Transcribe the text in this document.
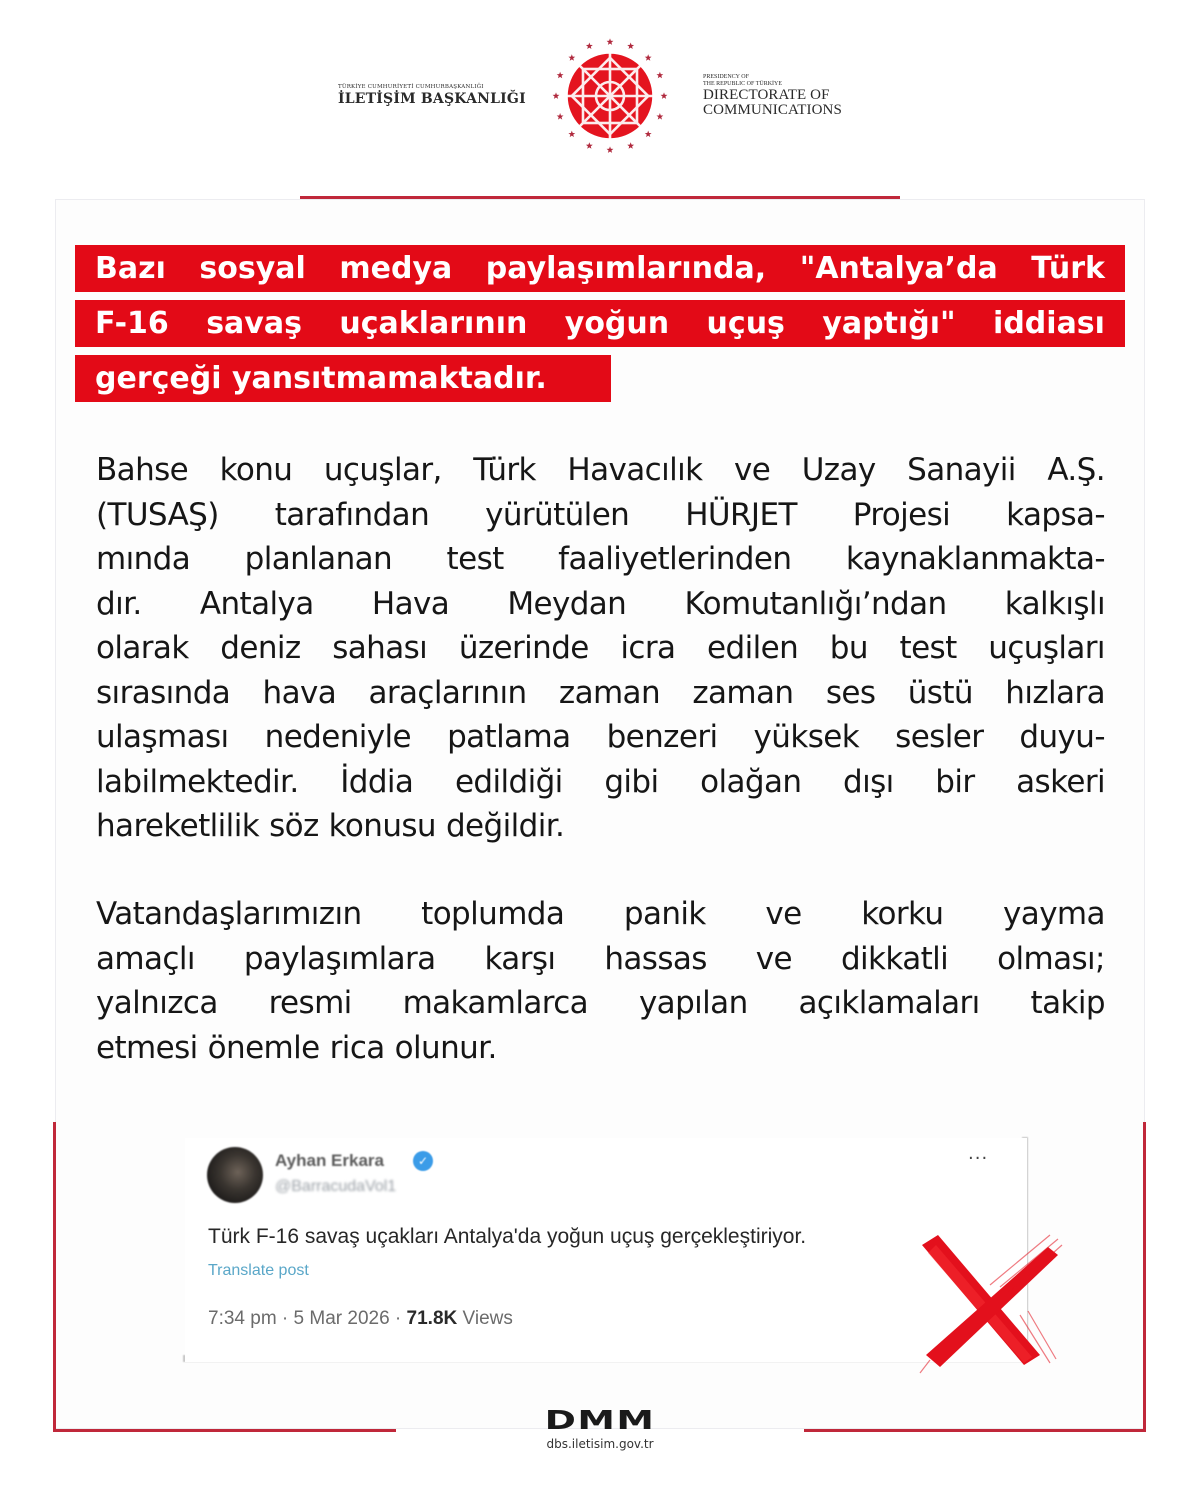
TÜRKİYE CUMHURİYETİ CUMHURBAŞKANLIĞI
İLETİŞİM BAŞKANLIĞI
PRESIDENCY OF
THE REPUBLIC OF TÜRKİYE
DIRECTORATE OF
COMMUNICATIONS
Bazı sosyal medya paylaşımlarında, "Antalya’da Türk
F-16 savaş uçaklarının yoğun uçuş yaptığı" iddiası
gerçeği yansıtmamaktadır.
Bahse konu uçuşlar, Türk Havacılık ve Uzay Sanayii A.Ş.
(TUSAŞ) tarafından yürütülen HÜRJET Projesi kapsa-
mında planlanan test faaliyetlerinden kaynaklanmakta-
dır. Antalya Hava Meydan Komutanlığı’ndan kalkışlı
olarak deniz sahası üzerinde icra edilen bu test uçuşları
sırasında hava araçlarının zaman zaman ses üstü hızlara
ulaşması nedeniyle patlama benzeri yüksek sesler duyu-
labilmektedir. İddia edildiği gibi olağan dışı bir askeri
hareketlilik söz konusu değildir.
Vatandaşlarımızın toplumda panik ve korku yayma
amaçlı paylaşımlara karşı hassas ve dikkatli olması;
yalnızca resmi makamlarca yapılan açıklamaları takip
etmesi önemle rica olunur.
Ayhan Erkara	✓
@BarracudaVol1
···
Türk F-16 savaş uçakları Antalya'da yoğun uçuş gerçekleştiriyor.
Translate post
7:34 pm · 5 Mar 2026 · 71.8K Views
DMM
dbs.iletisim.gov.tr
